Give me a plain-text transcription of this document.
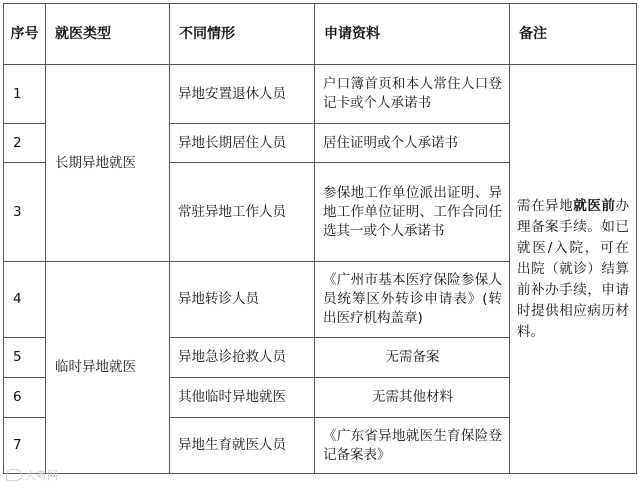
序号	就医类型	不同情形	申请资料	备注
1	长期异地就医	异地安置退休人员	户口簿首页和本人常住人口登记卡或个人承诺书	需在异地就医前办理备案手续。如已就医/入院，可在出院（就诊）结算前补办手续，申请时提供相应病历材料。
2		异地长期居住人员	居住证明或个人承诺书	
3		常驻异地工作人员	参保地工作单位派出证明、异地工作单位证明、工作合同任选其一或个人承诺书	
4	临时异地就医	异地转诊人员	《广州市基本医疗保险参保人员统筹区外转诊申请表》(转出医疗机构盖章)	
5		异地急诊抢救人员	无需备案	
6		其他临时异地就医	无需其他材料	
7		异地生育就医人员	《广东省异地就医生育保险登记备案表》	
大粤网
